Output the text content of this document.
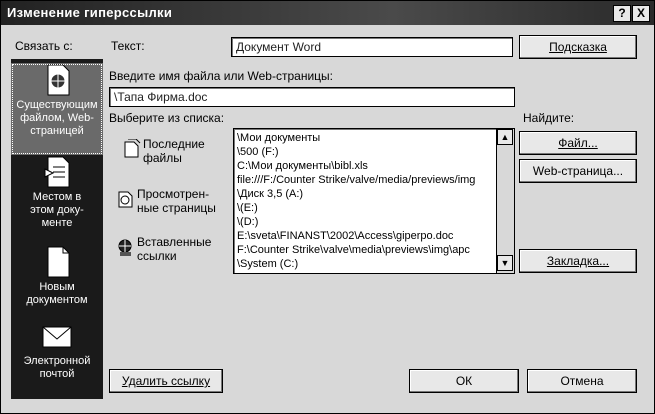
Изменение гиперссылки	? X
Связать с:
Существующим
файлом, Web-
страницей
Местом в
этом доку-
менте
Новым
документом
Электронной
почтой
Текст:	Документ Word	Подсказка
Введите имя файла или Web-страницы:
\Тапа Фирма.doc
Выберите из списка:
Последние
файлы
Просмотрен-
ные страницы
Вставленные
ссылки
\Мои документы
\500 (F:)
C:\Мои документы\bibl.xls
file:///F:/Counter Strike/valve/media/previews/img
\Диск 3,5 (A:)
\(E:)
\(D:)
E:\sveta\FINANST\2002\Access\giperpo.doc
F:\Counter Strike\valve\media\previews\img\apc
\System (C:)
▲
▼
Найдите:
Файл...
Web-страница...
Закладка...
Удалить ссылку	ОК	Отмена
